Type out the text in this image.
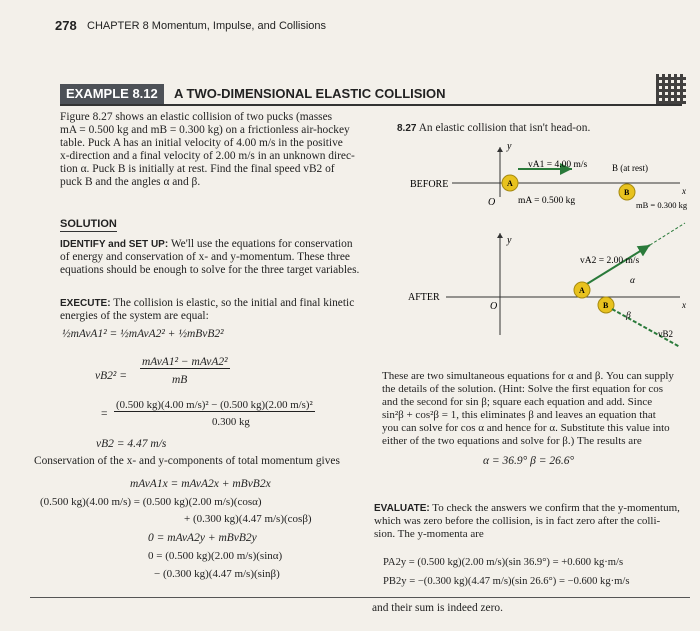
278 CHAPTER 8 Momentum, Impulse, and Collisions
EXAMPLE 8.12	A TWO-DIMENSIONAL ELASTIC COLLISION
Figure 8.27 shows an elastic collision of two pucks (masses
mA = 0.500 kg and mB = 0.300 kg) on a frictionless air-hockey
table. Puck A has an initial velocity of 4.00 m/s in the positive
x-direction and a final velocity of 2.00 m/s in an unknown direc-
tion α. Puck B is initially at rest. Find the final speed vB2 of
puck B and the angles α and β.
8.27 An elastic collision that isn't head-on.
BEFORE
y
O
A
vA1 = 4.00 m/s	B (at rest)
B
mA = 0.500 kg	mB = 0.300 kg
x
AFTER
y
O
vA2 = 2.00 m/s
A
B
α
β
vB2
x
SOLUTION
IDENTIFY and SET UP: We'll use the equations for conservation
of energy and conservation of x- and y-momentum. These three
equations should be enough to solve for the three target variables.
EXECUTE: The collision is elastic, so the initial and final kinetic
energies of the system are equal:
½mAvA1² = ½mAvA2² + ½mBvB2²
vB2² =
mAvA1² − mAvA2²
mB
=
(0.500 kg)(4.00 m/s)² − (0.500 kg)(2.00 m/s)²
0.300 kg
vB2 = 4.47 m/s
Conservation of the x- and y-components of total momentum gives
mAvA1x = mAvA2x + mBvB2x
(0.500 kg)(4.00 m/s) = (0.500 kg)(2.00 m/s)(cosα)
+ (0.300 kg)(4.47 m/s)(cosβ)
0 = mAvA2y + mBvB2y
0 = (0.500 kg)(2.00 m/s)(sinα)
− (0.300 kg)(4.47 m/s)(sinβ)
These are two simultaneous equations for α and β. You can supply
the details of the solution. (Hint: Solve the first equation for cos
and the second for sin β; square each equation and add. Since
sin²β + cos²β = 1, this eliminates β and leaves an equation that
you can solve for cos α and hence for α. Substitute this value into
either of the two equations and solve for β.) The results are
α = 36.9° β = 26.6°
EVALUATE: To check the answers we confirm that the y-momentum,
which was zero before the collision, is in fact zero after the colli-
sion. The y-momenta are
PA2y = (0.500 kg)(2.00 m/s)(sin 36.9°) = +0.600 kg·m/s
PB2y = −(0.300 kg)(4.47 m/s)(sin 26.6°) = −0.600 kg·m/s
and their sum is indeed zero.
